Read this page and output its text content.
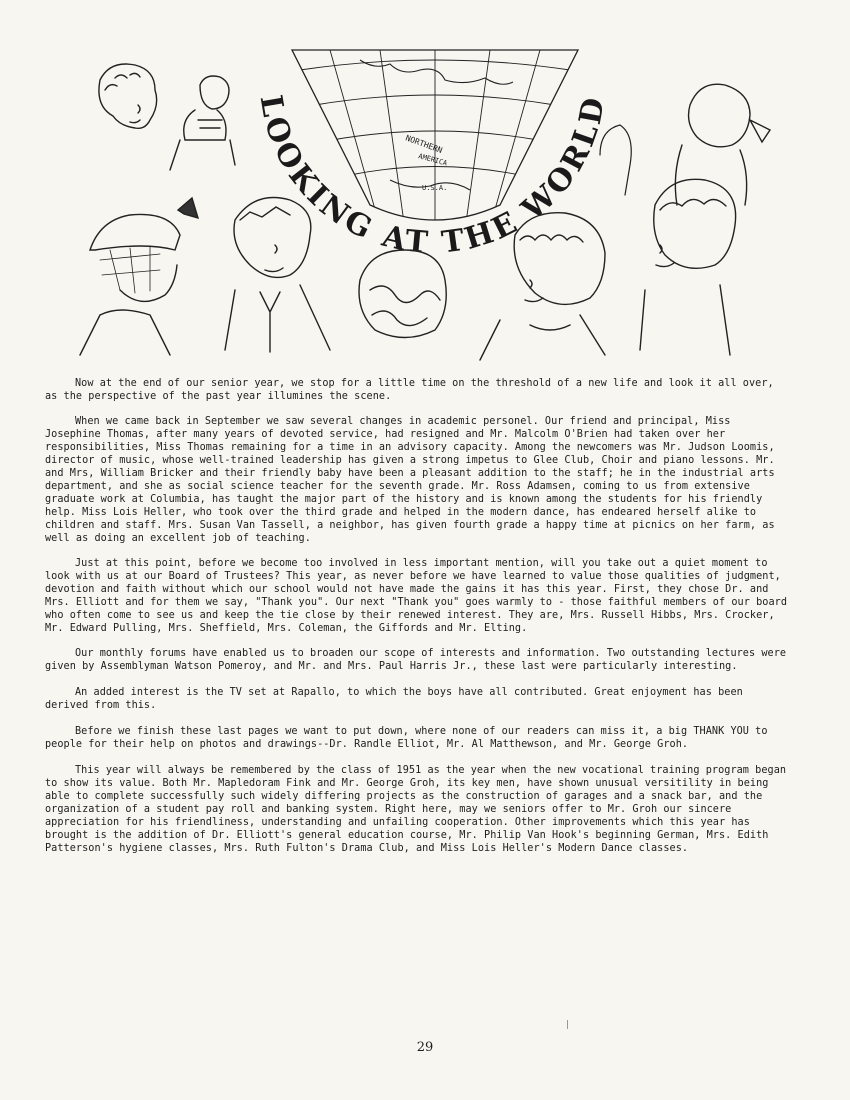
NORTHERN
AMERICA
U.S.A.
LOOKING AT THE WORLD

Now at the end of our senior year, we stop for a little time on the threshold of a new life and look it all over, as the perspective of the past year illumines the scene.

When we came back in September we saw several changes in academic personel. Our friend and principal, Miss Josephine Thomas, after many years of devoted service, had resigned and Mr. Malcolm O'Brien had taken over her responsibilities, Miss Thomas remaining for a time in an advisory capacity. Among the newcomers was Mr. Judson Loomis, director of music, whose well-trained leadership has given a strong impetus to Glee Club, Choir and piano lessons. Mr. and Mrs, William Bricker and their friendly baby have been a pleasant addition to the staff; he in the industrial arts department, and she as social science teacher for the seventh grade. Mr. Ross Adamsen, coming to us from extensive graduate work at Columbia, has taught the major part of the history and is known among the students for his friendly help. Miss Lois Heller, who took over the third grade and helped in the modern dance, has endeared herself alike to children and staff. Mrs. Susan Van Tassell, a neighbor, has given fourth grade a happy time at picnics on her farm, as well as doing an excellent job of teaching.

Just at this point, before we become too involved in less important mention, will you take out a quiet moment to look with us at our Board of Trustees? This year, as never before we have learned to value those qualities of judgment, devotion and faith without which our school would not have made the gains it has this year. First, they chose Dr. and Mrs. Elliott and for them we say, "Thank you". Our next "Thank you" goes warmly to - those faithful members of our board who often come to see us and keep the tie close by their renewed interest. They are, Mrs. Russell Hibbs, Mrs. Crocker, Mr. Edward Pulling, Mrs. Sheffield, Mrs. Coleman, the Giffords and Mr. Elting.

Our monthly forums have enabled us to broaden our scope of interests and information. Two outstanding lectures were given by Assemblyman Watson Pomeroy, and Mr. and Mrs. Paul Harris Jr., these last were particularly interesting.

An added interest is the TV set at Rapallo, to which the boys have all contributed. Great enjoyment has been derived from this.

Before we finish these last pages we want to put down, where none of our readers can miss it, a big THANK YOU to people for their help on photos and drawings--Dr. Randle Elliot, Mr. Al Matthewson, and Mr. George Groh.

This year will always be remembered by the class of 1951 as the year when the new vocational training program began to show its value. Both Mr. Mapledoram Fink and Mr. George Groh, its key men, have shown unusual versitility in being able to complete successfully such widely differing projects as the construction of garages and a snack bar, and the organization of a student pay roll and banking system. Right here, may we seniors offer to Mr. Groh our sincere appreciation for his friendliness, understanding and unfailing cooperation. Other improvements which this year has brought is the addition of Dr. Elliott's general education course, Mr. Philip Van Hook's beginning German, Mrs. Edith Patterson's hygiene classes, Mrs. Ruth Fulton's Drama Club, and Miss Lois Heller's Modern Dance classes.

29
